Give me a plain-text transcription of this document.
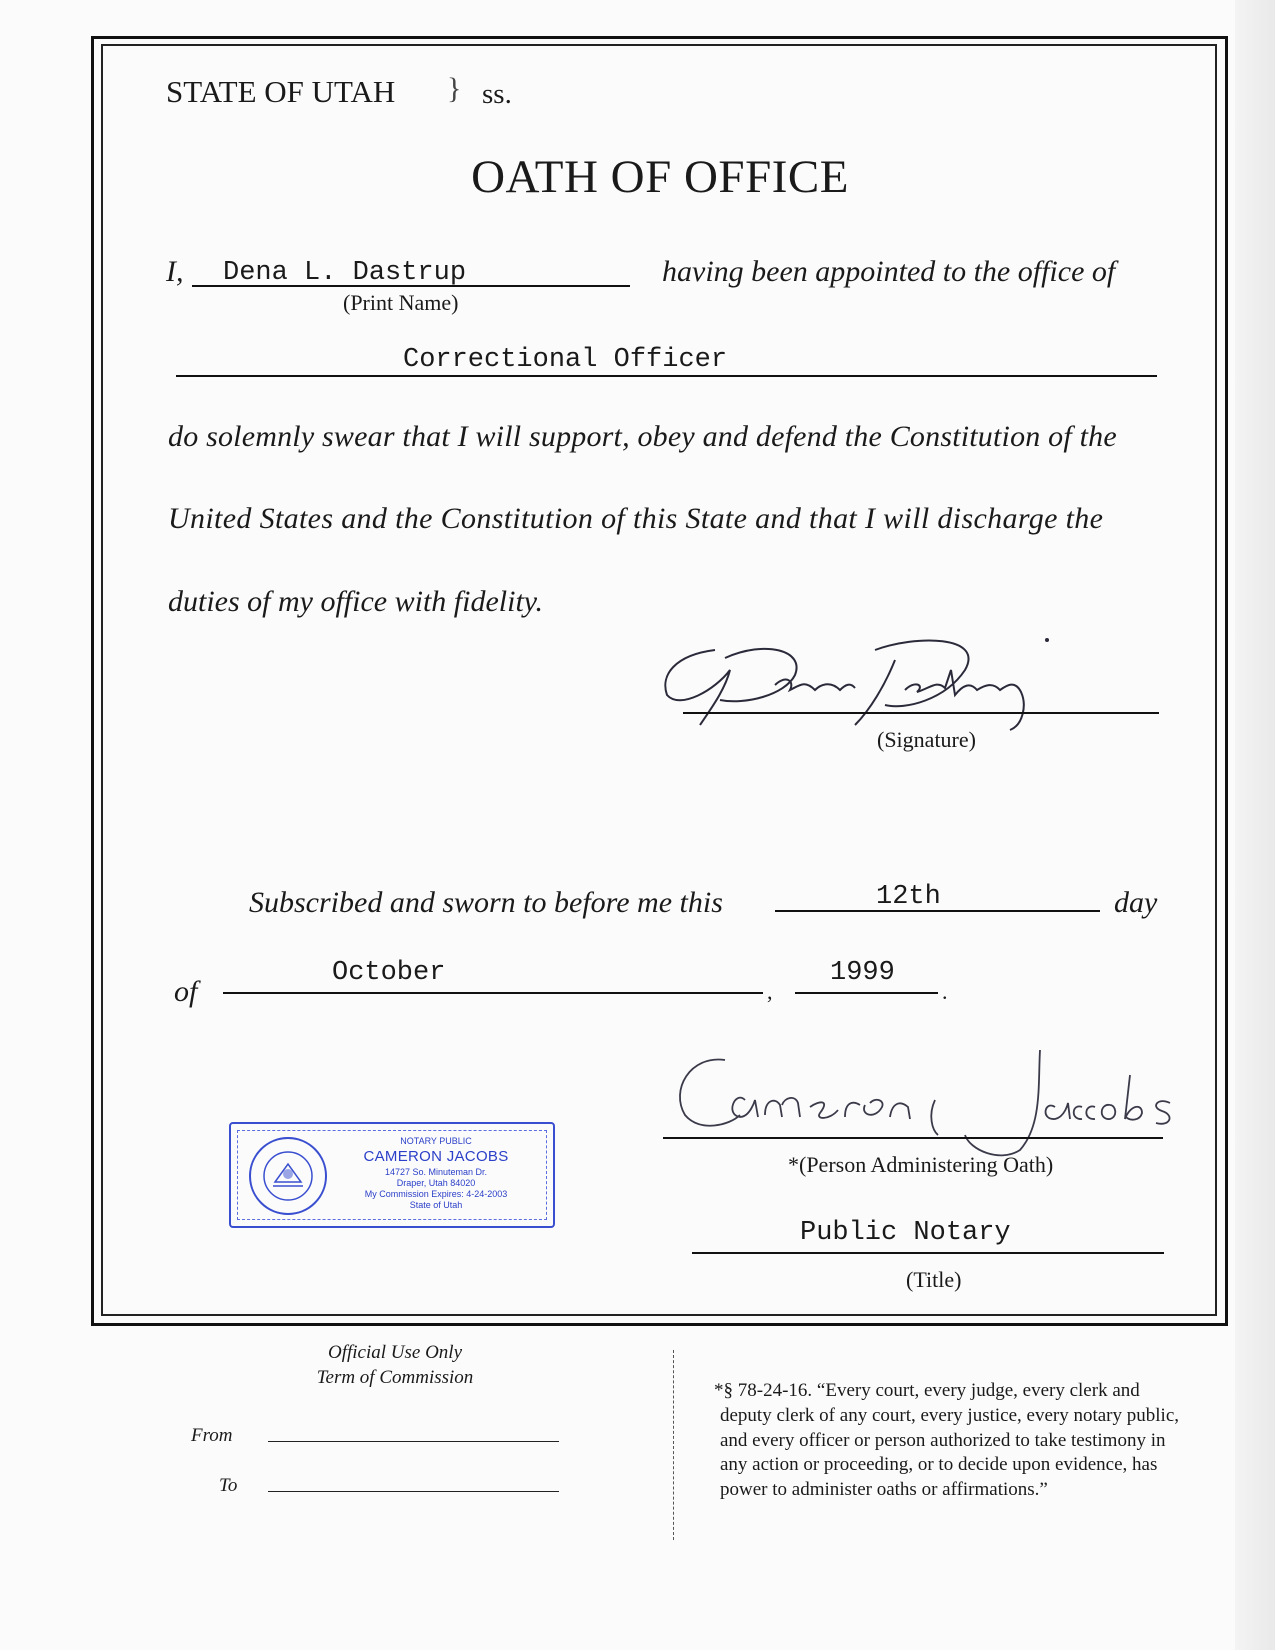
STATE OF UTAH } ss.
OATH OF OFFICE
I, Dena L. Dastrup
(Print Name)
having been appointed to the office of
Correctional Officer
do solemnly swear that I will support, obey and defend the Constitution of the
United States and the Constitution of this State and that I will discharge the
duties of my office with fidelity.
(Signature)
Subscribed and sworn to before me this	12th	day
of
October
,
1999
.
*(Person Administering Oath)
Public Notary
(Title)
NOTARY PUBLIC
CAMERON JACOBS
14727 So. Minuteman Dr.
Draper, Utah 84020
My Commission Expires: 4-24-2003
State of Utah
Official Use Only
Term of Commission
From
To
*§ 78-24-16. “Every court, every judge, every clerk and
deputy clerk of any court, every justice, every notary public,
and every officer or person authorized to take testimony in
any action or proceeding, or to decide upon evidence, has
power to administer oaths or affirmations.”
